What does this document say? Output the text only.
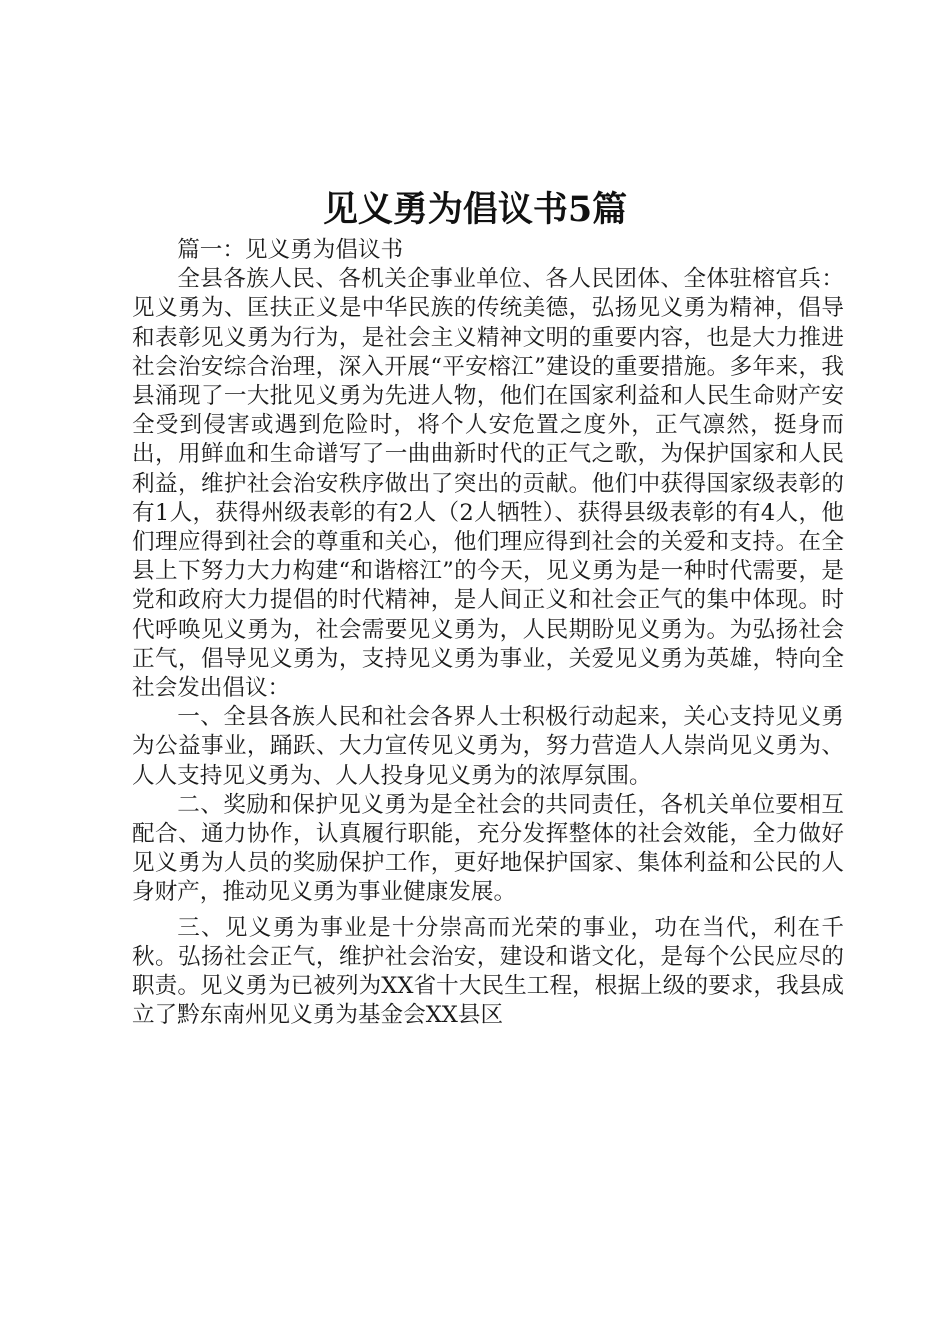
见义勇为倡议书5篇

篇一：见义勇为倡议书

全县各族人民、各机关企事业单位、各人民团体、全体驻榕官兵：见义勇为、匡扶正义是中华民族的传统美德，弘扬见义勇为精神，倡导和表彰见义勇为行为，是社会主义精神文明的重要内容，也是大力推进社会治安综合治理，深入开展“平安榕江”建设的重要措施。多年来，我县涌现了一大批见义勇为先进人物，他们在国家利益和人民生命财产安全受到侵害或遇到危险时，将个人安危置之度外，正气凛然，挺身而出，用鲜血和生命谱写了一曲曲新时代的正气之歌，为保护国家和人民利益，维护社会治安秩序做出了突出的贡献。他们中获得国家级表彰的有1人，获得州级表彰的有2人（2人牺牲）、获得县级表彰的有4人，他们理应得到社会的尊重和关心，他们理应得到社会的关爱和支持。在全县上下努力大力构建“和谐榕江”的今天，见义勇为是一种时代需要，是党和政府大力提倡的时代精神，是人间正义和社会正气的集中体现。时代呼唤见义勇为，社会需要见义勇为，人民期盼见义勇为。为弘扬社会正气，倡导见义勇为，支持见义勇为事业，关爱见义勇为英雄，特向全社会发出倡议：

一、全县各族人民和社会各界人士积极行动起来，关心支持见义勇为公益事业，踊跃、大力宣传见义勇为，努力营造人人崇尚见义勇为、人人支持见义勇为、人人投身见义勇为的浓厚氛围。

二、奖励和保护见义勇为是全社会的共同责任，各机关单位要相互配合、通力协作，认真履行职能，充分发挥整体的社会效能，全力做好见义勇为人员的奖励保护工作，更好地保护国家、集体利益和公民的人身财产，推动见义勇为事业健康发展。

三、见义勇为事业是十分崇高而光荣的事业，功在当代，利在千秋。弘扬社会正气，维护社会治安，建设和谐文化，是每个公民应尽的职责。见义勇为已被列为XX省十大民生工程，根据上级的要求，我县成立了黔东南州见义勇为基金会XX县区
